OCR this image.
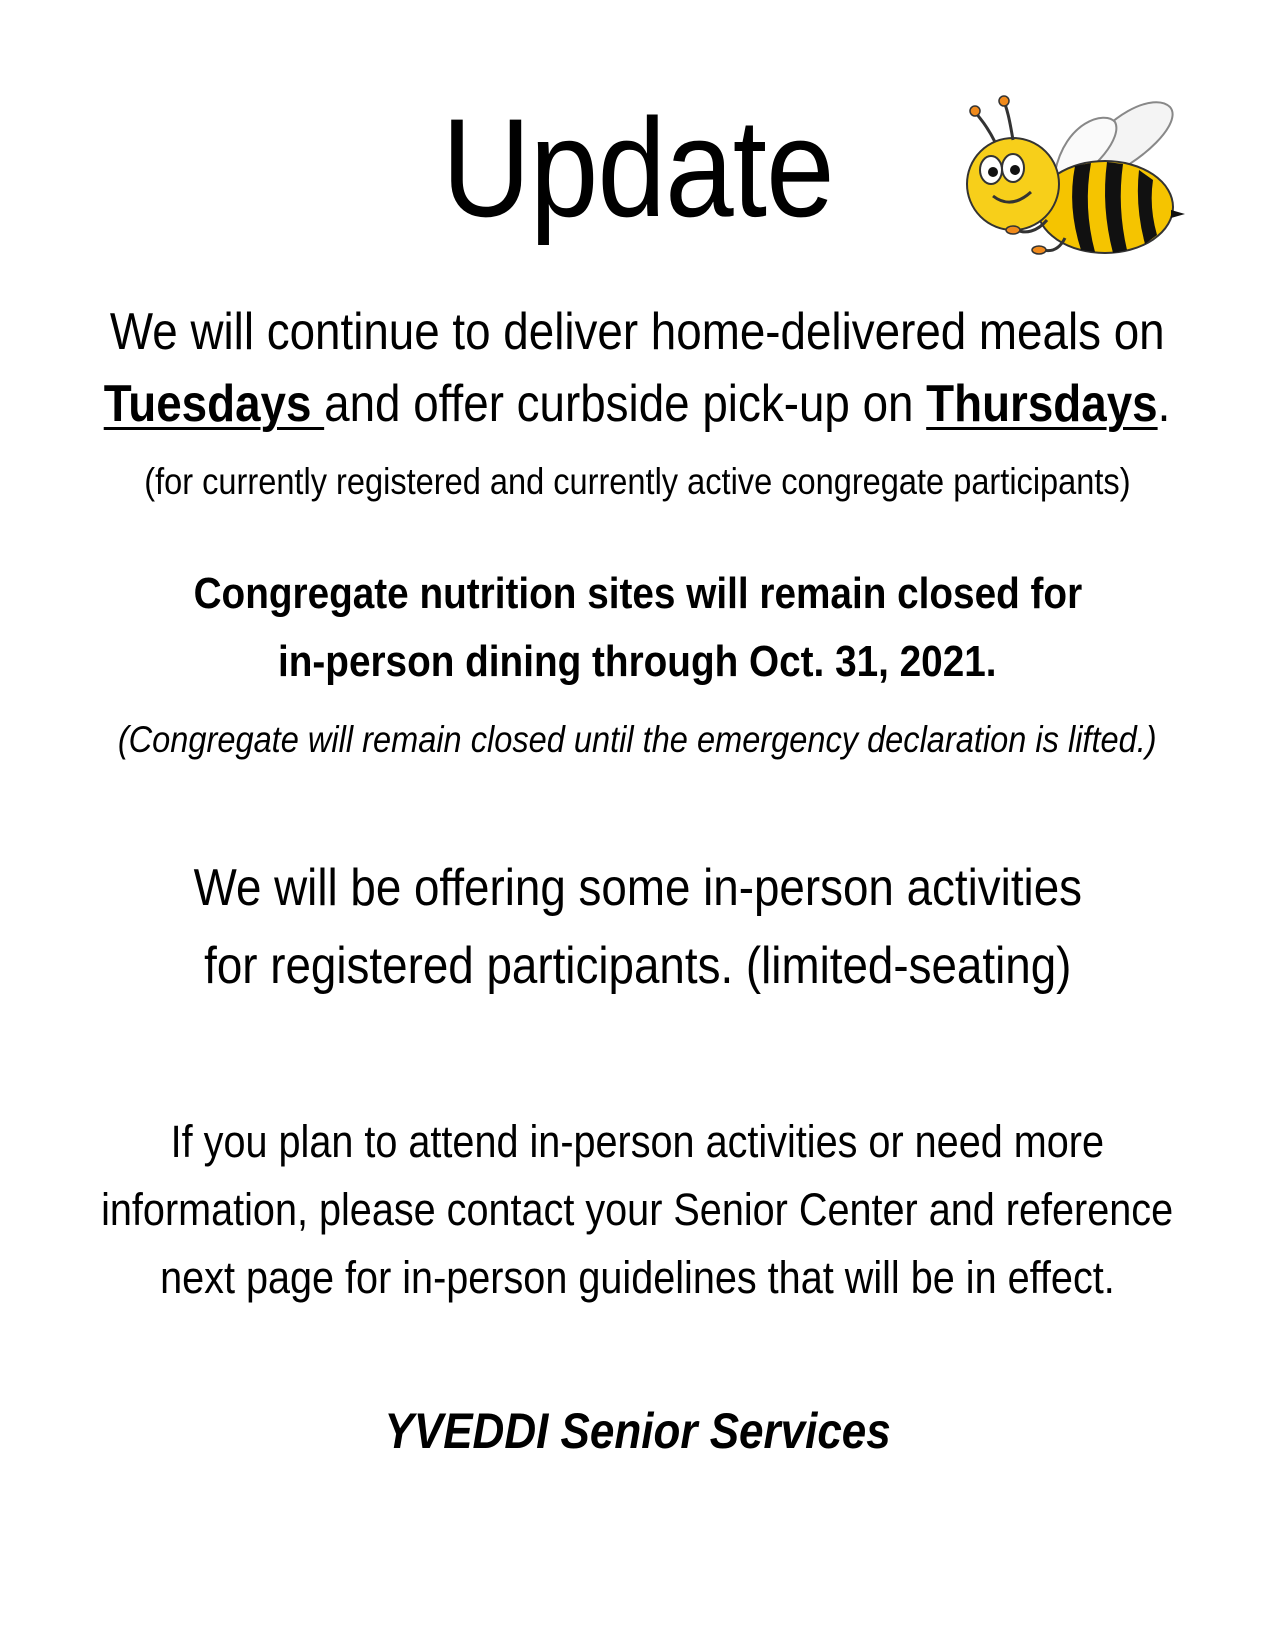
Update
We will continue to deliver home-delivered meals on
Tuesdays and offer curbside pick-up on Thursdays.
(for currently registered and currently active congregate participants)
Congregate nutrition sites will remain closed for
in-person dining through Oct. 31, 2021.
(Congregate will remain closed until the emergency declaration is lifted.)
We will be offering some in-person activities
for registered participants. (limited-seating)
If you plan to attend in-person activities or need more
information, please contact your Senior Center and reference
next page for in-person guidelines that will be in effect.
YVEDDI Senior Services
